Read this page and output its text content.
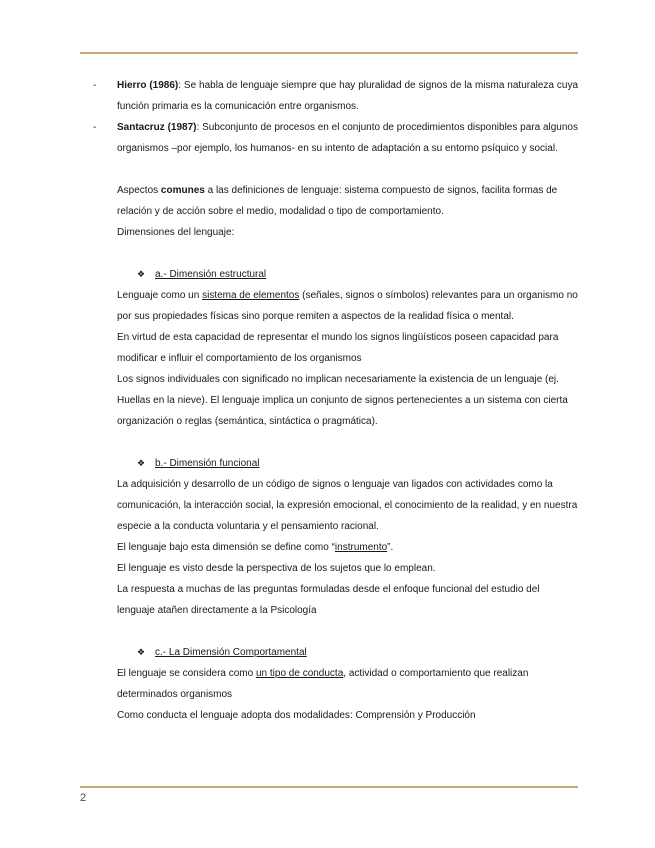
- Hierro (1986): Se habla de lenguaje siempre que hay pluralidad de signos de la misma naturaleza cuya función primaria es la comunicación entre organismos.

- Santacruz (1987): Subconjunto de procesos en el conjunto de procedimientos disponibles para algunos organismos –por ejemplo, los humanos- en su intento de adaptación a su entorno psíquico y social.

Aspectos comunes a las definiciones de lenguaje: sistema compuesto de signos, facilita formas de relación y de acción sobre el medio, modalidad o tipo de comportamiento.

Dimensiones del lenguaje:

❖ a.- Dimensión estructural

Lenguaje como un sistema de elementos (señales, signos o símbolos) relevantes para un organismo no por sus propiedades físicas sino porque remiten a aspectos de la realidad física o mental.

En virtud de esta capacidad de representar el mundo los signos lingüísticos poseen capacidad para modificar e influir el comportamiento de los organismos

Los signos individuales con significado no implican necesariamente la existencia de un lenguaje (ej. Huellas en la nieve). El lenguaje implica un conjunto de signos pertenecientes a un sistema con cierta organización o reglas (semántica, sintáctica o pragmática).

❖ b.- Dimensión funcional

La adquisición y desarrollo de un código de signos o lenguaje van ligados con actividades como la comunicación, la interacción social, la expresión emocional, el conocimiento de la realidad, y en nuestra especie a la conducta voluntaria y el pensamiento racional.

El lenguaje bajo esta dimensión se define como “instrumento”.

El lenguaje es visto desde la perspectiva de los sujetos que lo emplean.

La respuesta a muchas de las preguntas formuladas desde el enfoque funcional del estudio del lenguaje atañen directamente a la Psicología

❖ c.- La Dimensión Comportamental

El lenguaje se considera como un tipo de conducta, actividad o comportamiento que realizan determinados organismos

Como conducta el lenguaje adopta dos modalidades: Comprensión y Producción

2
